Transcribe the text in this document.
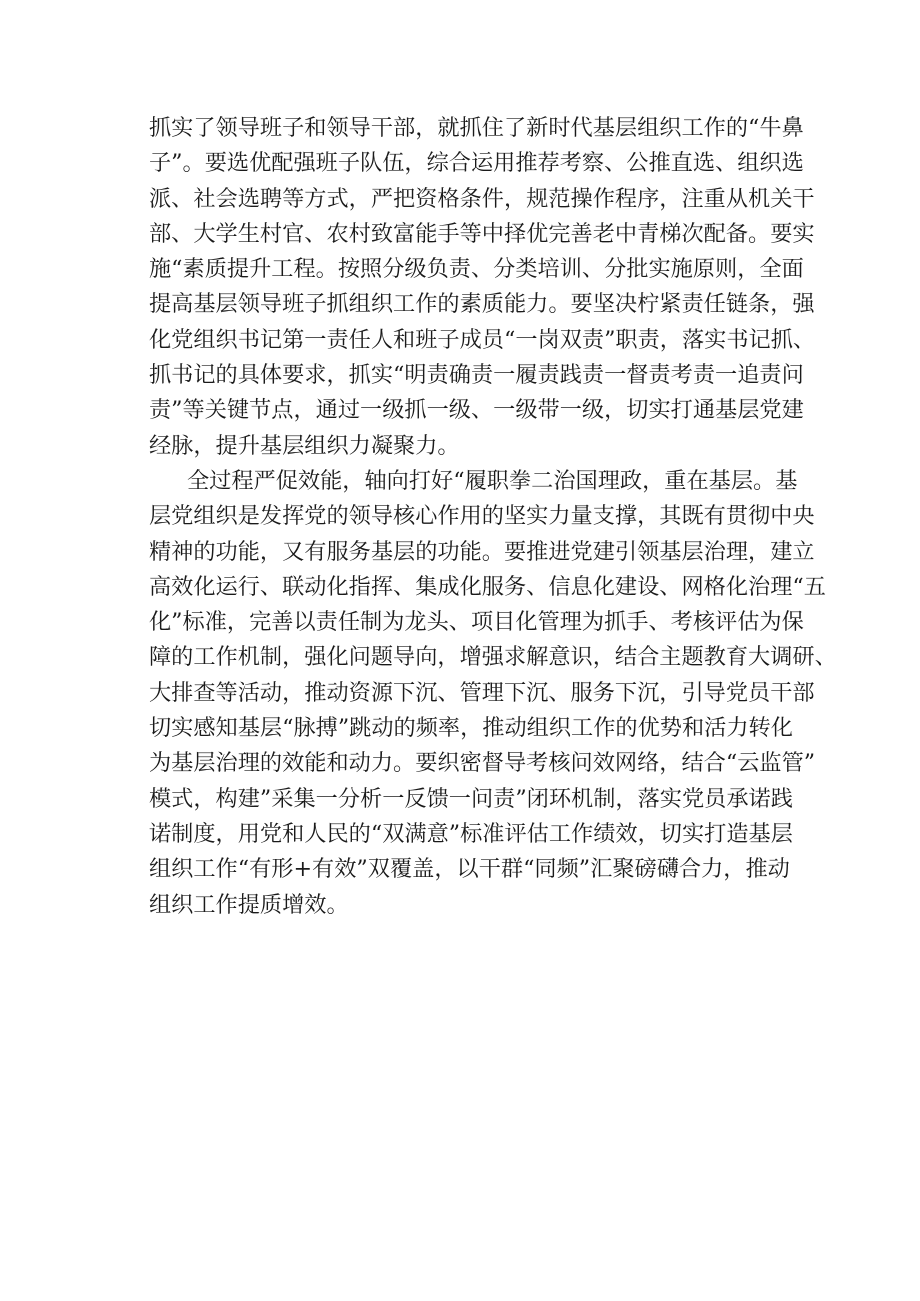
抓实了领导班子和领导干部，就抓住了新时代基层组织工作的“牛鼻
子”。要选优配强班子队伍，综合运用推荐考察、公推直选、组织选
派、社会选聘等方式，严把资格条件，规范操作程序，注重从机关干
部、大学生村官、农村致富能手等中择优完善老中青梯次配备。要实
施“素质提升工程。按照分级负责、分类培训、分批实施原则，全面
提高基层领导班子抓组织工作的素质能力。要坚决柠紧责任链条，强
化党组织书记第一责任人和班子成员“一岗双责”职责，落实书记抓、
抓书记的具体要求，抓实“明责确责一履责践责一督责考责一追责问
责”等关键节点，通过一级抓一级、一级带一级，切实打通基层党建
经脉，提升基层组织力凝聚力。
全过程严促效能，轴向打好“履职拳二治国理政，重在基层。基
层党组织是发挥党的领导核心作用的坚实力量支撑，其既有贯彻中央
精神的功能，又有服务基层的功能。要推进党建引领基层治理，建立
高效化运行、联动化指挥、集成化服务、信息化建设、网格化治理“五
化”标准，完善以责任制为龙头、项目化管理为抓手、考核评估为保
障的工作机制，强化问题导向，增强求解意识，结合主题教育大调研、
大排查等活动，推动资源下沉、管理下沉、服务下沉，引导党员干部
切实感知基层“脉搏”跳动的频率，推动组织工作的优势和活力转化
为基层治理的效能和动力。要织密督导考核问效网络，结合“云监管”
模式，构建”采集一分析一反馈一问责”闭环机制，落实党员承诺践
诺制度，用党和人民的“双满意”标准评估工作绩效，切实打造基层
组织工作“有形+有效”双覆盖，以干群“同频”汇聚磅礴合力，推动
组织工作提质增效。
